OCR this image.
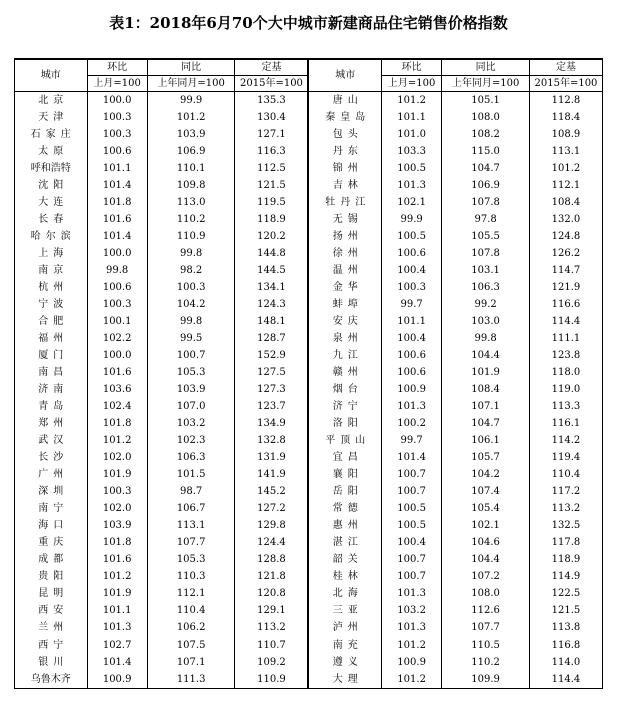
表1：2018年6月70个大中城市新建商品住宅销售价格指数
城市	环比	同比	定基	城市	环比	同比	定基
	上月=100	上年同月=100	2015年=100		上月=100	上年同月=100	2015年=100
北京	100.0	99.9	135.3	唐山	101.2	105.1	112.8
天津	100.3	101.2	130.4	秦皇岛	101.1	108.0	118.4
石家庄	100.3	103.9	127.1	包头	101.0	108.2	108.9
太原	100.6	106.9	116.3	丹东	103.3	115.0	113.1
呼和浩特	101.1	110.1	112.5	锦州	100.5	104.7	101.2
沈阳	101.4	109.8	121.5	吉林	101.3	106.9	112.1
大连	101.8	113.0	119.5	牡丹江	102.1	107.8	108.4
长春	101.6	110.2	118.9	无锡	99.9	97.8	132.0
哈尔滨	101.4	110.9	120.2	扬州	100.5	105.5	124.8
上海	100.0	99.8	144.8	徐州	100.6	107.8	126.2
南京	99.8	98.2	144.5	温州	100.4	103.1	114.7
杭州	100.6	100.3	134.1	金华	100.3	106.3	121.9
宁波	100.3	104.2	124.3	蚌埠	99.7	99.2	116.6
合肥	100.1	99.8	148.1	安庆	101.1	103.0	114.4
福州	102.2	99.5	128.7	泉州	100.4	99.8	111.1
厦门	100.0	100.7	152.9	九江	100.6	104.4	123.8
南昌	101.6	105.3	127.5	赣州	100.6	101.9	118.0
济南	103.6	103.9	127.3	烟台	100.9	108.4	119.0
青岛	102.4	107.0	123.7	济宁	101.3	107.1	113.3
郑州	101.8	103.2	134.9	洛阳	100.2	104.7	116.1
武汉	101.2	102.3	132.8	平顶山	99.7	106.1	114.2
长沙	102.0	106.3	131.9	宜昌	101.4	105.7	119.4
广州	101.9	101.5	141.9	襄阳	100.7	104.2	110.4
深圳	100.3	98.7	145.2	岳阳	100.7	107.4	117.2
南宁	102.0	106.7	127.2	常德	100.5	105.4	113.2
海口	103.9	113.1	129.8	惠州	100.5	102.1	132.5
重庆	101.8	107.7	124.4	湛江	100.4	104.6	117.8
成都	101.6	105.3	128.8	韶关	100.7	104.4	118.9
贵阳	101.2	110.3	121.8	桂林	100.7	107.2	114.9
昆明	101.9	112.1	120.8	北海	101.3	108.0	122.5
西安	101.1	110.4	129.1	三亚	103.2	112.6	121.5
兰州	101.3	106.2	113.2	泸州	101.3	107.7	113.8
西宁	102.7	107.5	110.7	南充	101.2	110.5	116.8
银川	101.4	107.1	109.2	遵义	100.9	110.2	114.0
乌鲁木齐	100.9	111.3	110.9	大理	101.2	109.9	114.4
